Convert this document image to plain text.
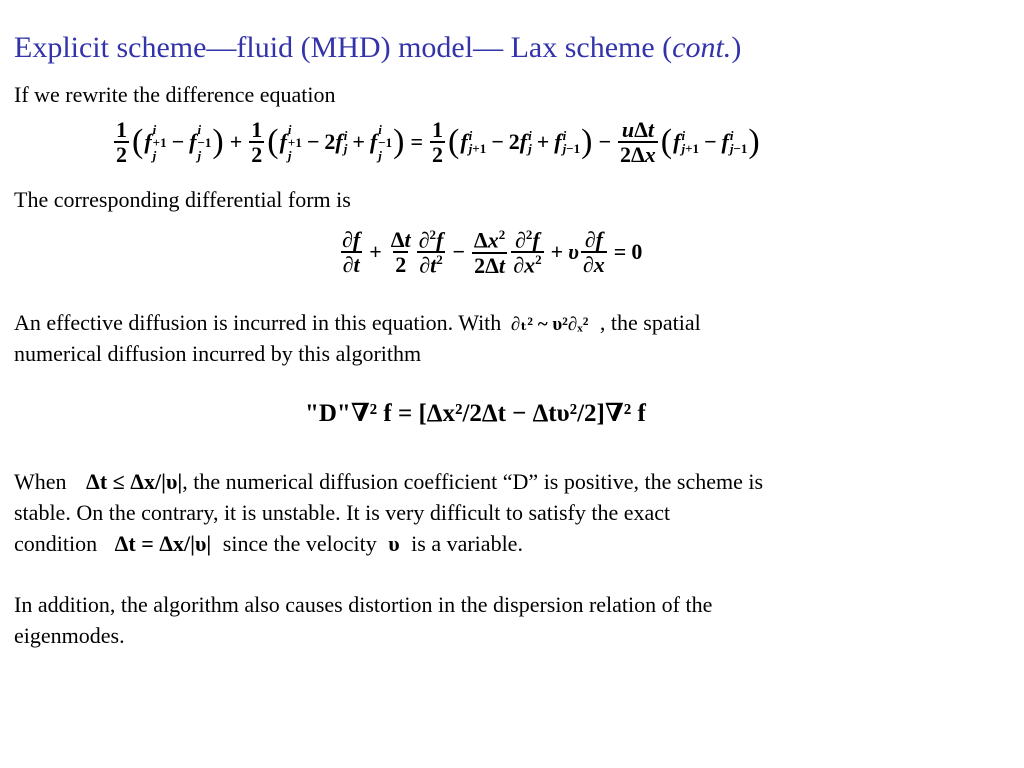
Explicit scheme—fluid (MHD) model— Lax scheme (cont.)
If we rewrite the difference equation
$\frac{1}{2}$ ( f i
+1
j
− f i
−1
j ) + $\frac{1}{2}$ ( f i
+1
j
− 2 f i
j + f i
−1
j ) = $\frac{1}{2}$ ( f i
j+1 − 2 f i
j + f i
j−1 ) − $\frac{\text{uΔt}}{2\Delta x}$ ( f i
j+1 − f i
j−1 )
The corresponding differential form is
$\frac{\partial f}{\partial t} + \frac{\Delta t}{2} \frac{\partial^2f}{\partial t^2} - \frac{\Delta x^2}{2\Delta t} \frac{\partial^2f}{\partial x^2} + \upsilon \frac{\partial f}{\partial x} = 0$
An effective diffusion is incurred in this equation. With ∂ₜ² ~ υ²∂ₓ² , the spatial
numerical diffusion incurred by this algorithm
"D"∇² f = [Δx²/2Δt − Δtυ²/2]∇² f
When Δt ≤ Δx/|υ|, the numerical diffusion coefficient “D” is positive, the scheme is
stable. On the contrary, it is unstable. It is very difficult to satisfy the exact
condition Δt = Δx/|υ| since the velocity υ is a variable.
In addition, the algorithm also causes distortion in the dispersion relation of the
eigenmodes.
